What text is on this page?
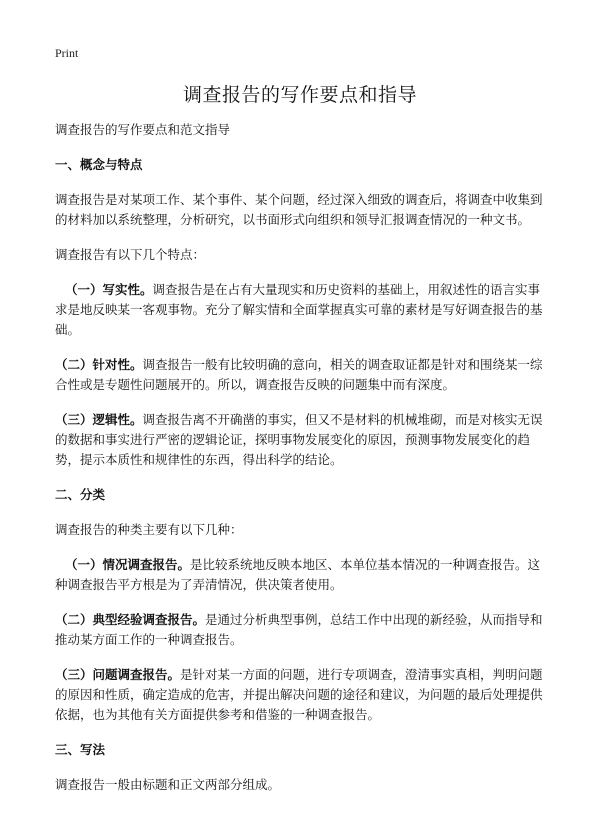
Print
调查报告的写作要点和指导

调查报告的写作要点和范文指导

一、概念与特点

调查报告是对某项工作、某个事件、某个问题，经过深入细致的调查后，将调查中收集到的材料加以系统整理，分析研究，以书面形式向组织和领导汇报调查情况的一种文书。

调查报告有以下几个特点：

（一）写实性。调查报告是在占有大量现实和历史资料的基础上，用叙述性的语言实事求是地反映某一客观事物。充分了解实情和全面掌握真实可靠的素材是写好调查报告的基础。

（二）针对性。调查报告一般有比较明确的意向，相关的调查取证都是针对和围绕某一综合性或是专题性问题展开的。所以，调查报告反映的问题集中而有深度。

（三）逻辑性。调查报告离不开确凿的事实，但又不是材料的机械堆砌，而是对核实无误的数据和事实进行严密的逻辑论证，探明事物发展变化的原因，预测事物发展变化的趋势，提示本质性和规律性的东西，得出科学的结论。

二、分类

调查报告的种类主要有以下几种：

（一）情况调查报告。是比较系统地反映本地区、本单位基本情况的一种调查报告。这种调查报告平方根是为了弄清情况，供决策者使用。

（二）典型经验调查报告。是通过分析典型事例，总结工作中出现的新经验，从而指导和推动某方面工作的一种调查报告。

（三）问题调查报告。是针对某一方面的问题，进行专项调查，澄清事实真相，判明问题的原因和性质，确定造成的危害，并提出解决问题的途径和建议，为问题的最后处理提供依据，也为其他有关方面提供参考和借鉴的一种调查报告。

三、写法

调查报告一般由标题和正文两部分组成。
